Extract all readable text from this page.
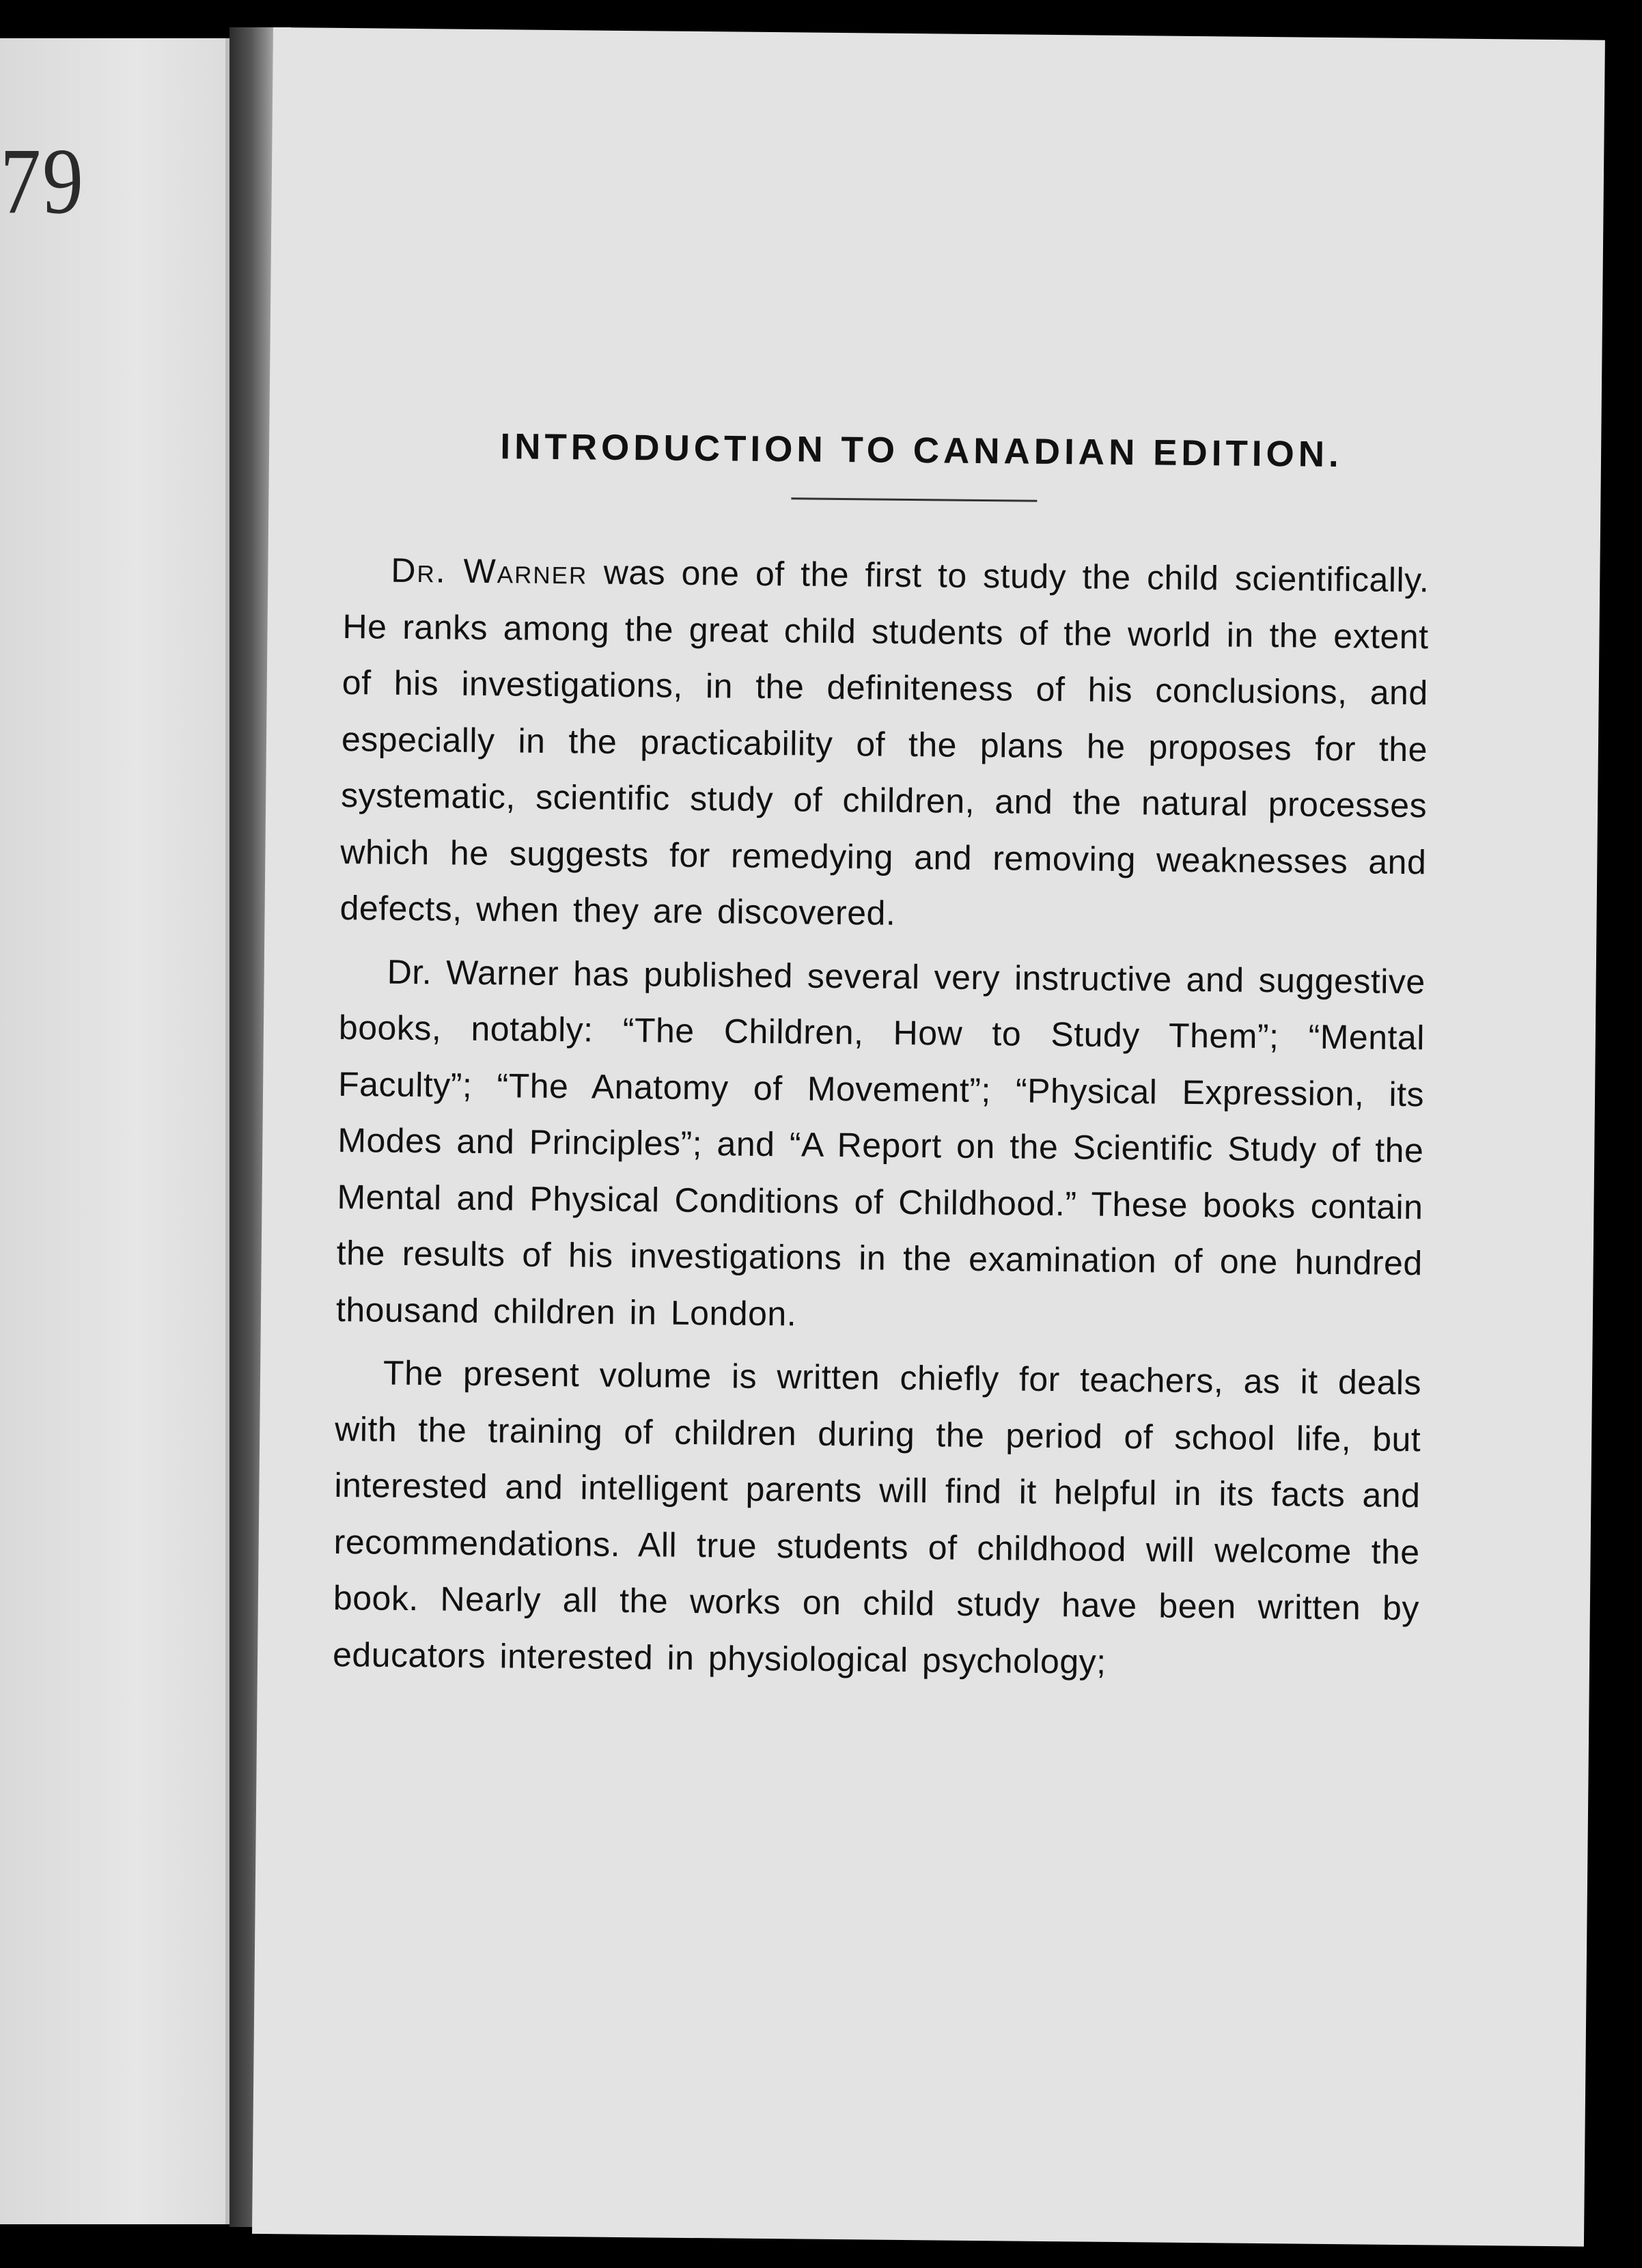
79
INTRODUCTION TO CANADIAN EDITION.

Dr. Warner was one of the first to study the child scientifically. He ranks among the great child students of the world in the extent of his investigations, in the definiteness of his conclusions, and especially in the practicability of the plans he proposes for the systematic, scientific study of children, and the natural processes which he suggests for remedying and removing weaknesses and defects, when they are discovered.

Dr. Warner has published several very instructive and suggestive books, notably: “The Children, How to Study Them”; “Mental Faculty”; “The Anatomy of Movement”; “Physical Expression, its Modes and Principles”; and “A Report on the Scientific Study of the Mental and Physical Conditions of Childhood.” These books contain the results of his investigations in the examination of one hundred thousand children in London.

The present volume is written chiefly for teachers, as it deals with the training of children during the period of school life, but interested and intelligent parents will find it helpful in its facts and recommendations. All true students of childhood will welcome the book. Nearly all the works on child study have been written by educators interested in physiological psychology;
